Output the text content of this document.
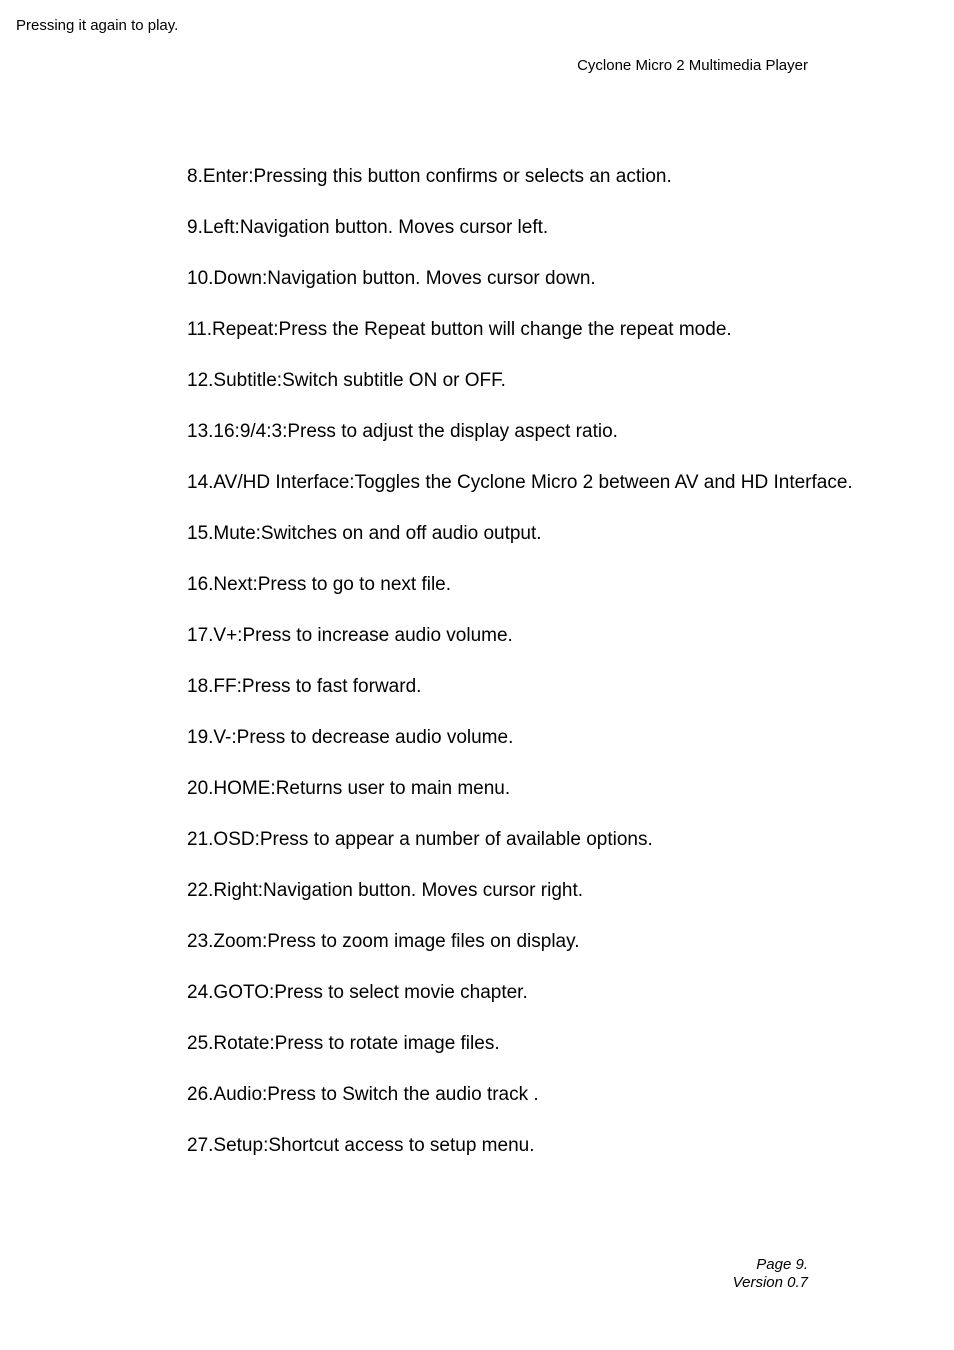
Pressing it again to play.
Cyclone Micro 2 Multimedia Player
8.Enter:Pressing this button confirms or selects an action.
9.Left:Navigation button. Moves cursor left.
10.Down:Navigation button. Moves cursor down.
11.Repeat:Press the Repeat button will change the repeat mode.
12.Subtitle:Switch subtitle ON or OFF.
13.16:9/4:3:Press to adjust the display aspect ratio.
14.AV/HD Interface:Toggles the Cyclone Micro 2 between AV and HD Interface.
15.Mute:Switches on and off audio output.
16.Next:Press to go to next file.
17.V+:Press to increase audio volume.
18.FF:Press to fast forward.
19.V-:Press to decrease audio volume.
20.HOME:Returns user to main menu.
21.OSD:Press to appear a number of available options.
22.Right:Navigation button. Moves cursor right.
23.Zoom:Press to zoom image files on display.
24.GOTO:Press to select movie chapter.
25.Rotate:Press to rotate image files.
26.Audio:Press to Switch the audio track .
27.Setup:Shortcut access to setup menu.
Page 9.
Version 0.7
